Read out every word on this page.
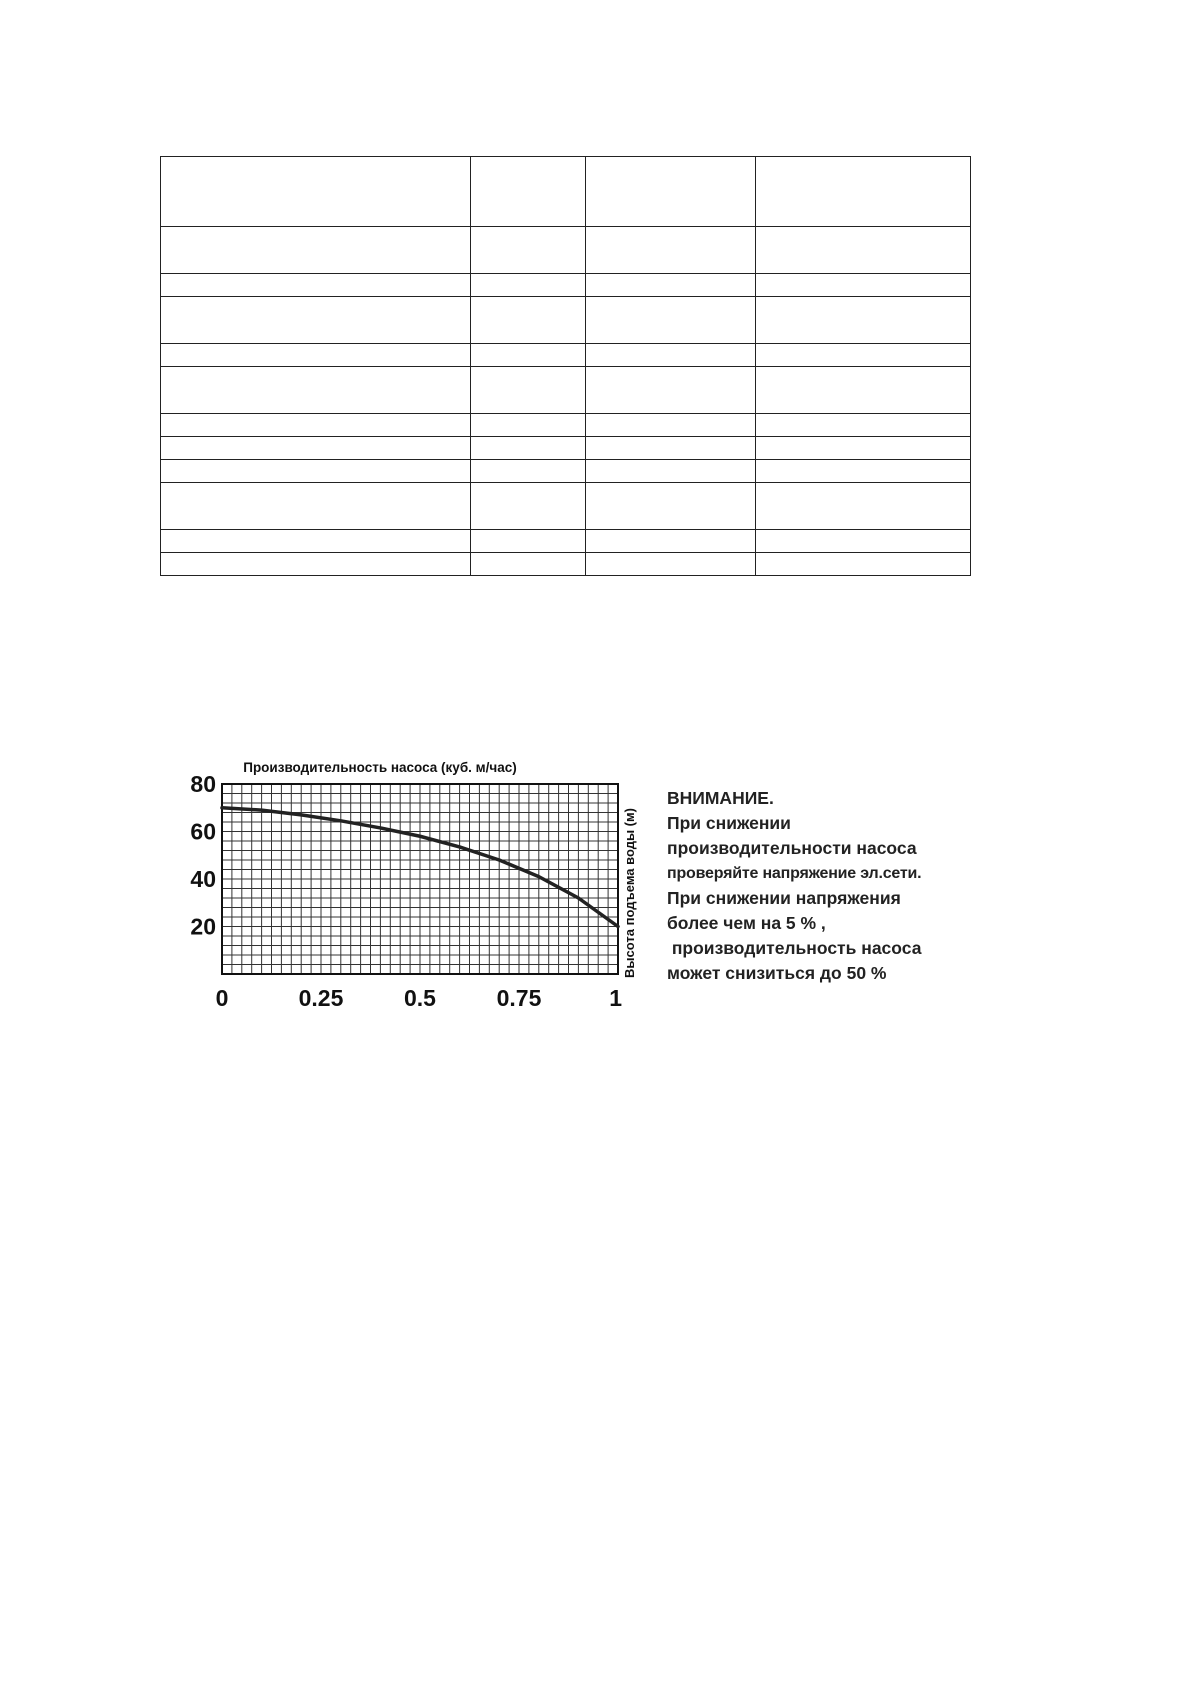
Производительность насоса (куб. м/час)
20
40
60
80
0	0.25	0.5	0.75	1
Высота подъема воды (м)
ВНИМАНИЕ.
При снижении
производительности насоса
проверяйте напряжение эл.сети.
При снижении напряжения
более чем на 5 % ,
производительность насоса
может снизиться до 50 %
